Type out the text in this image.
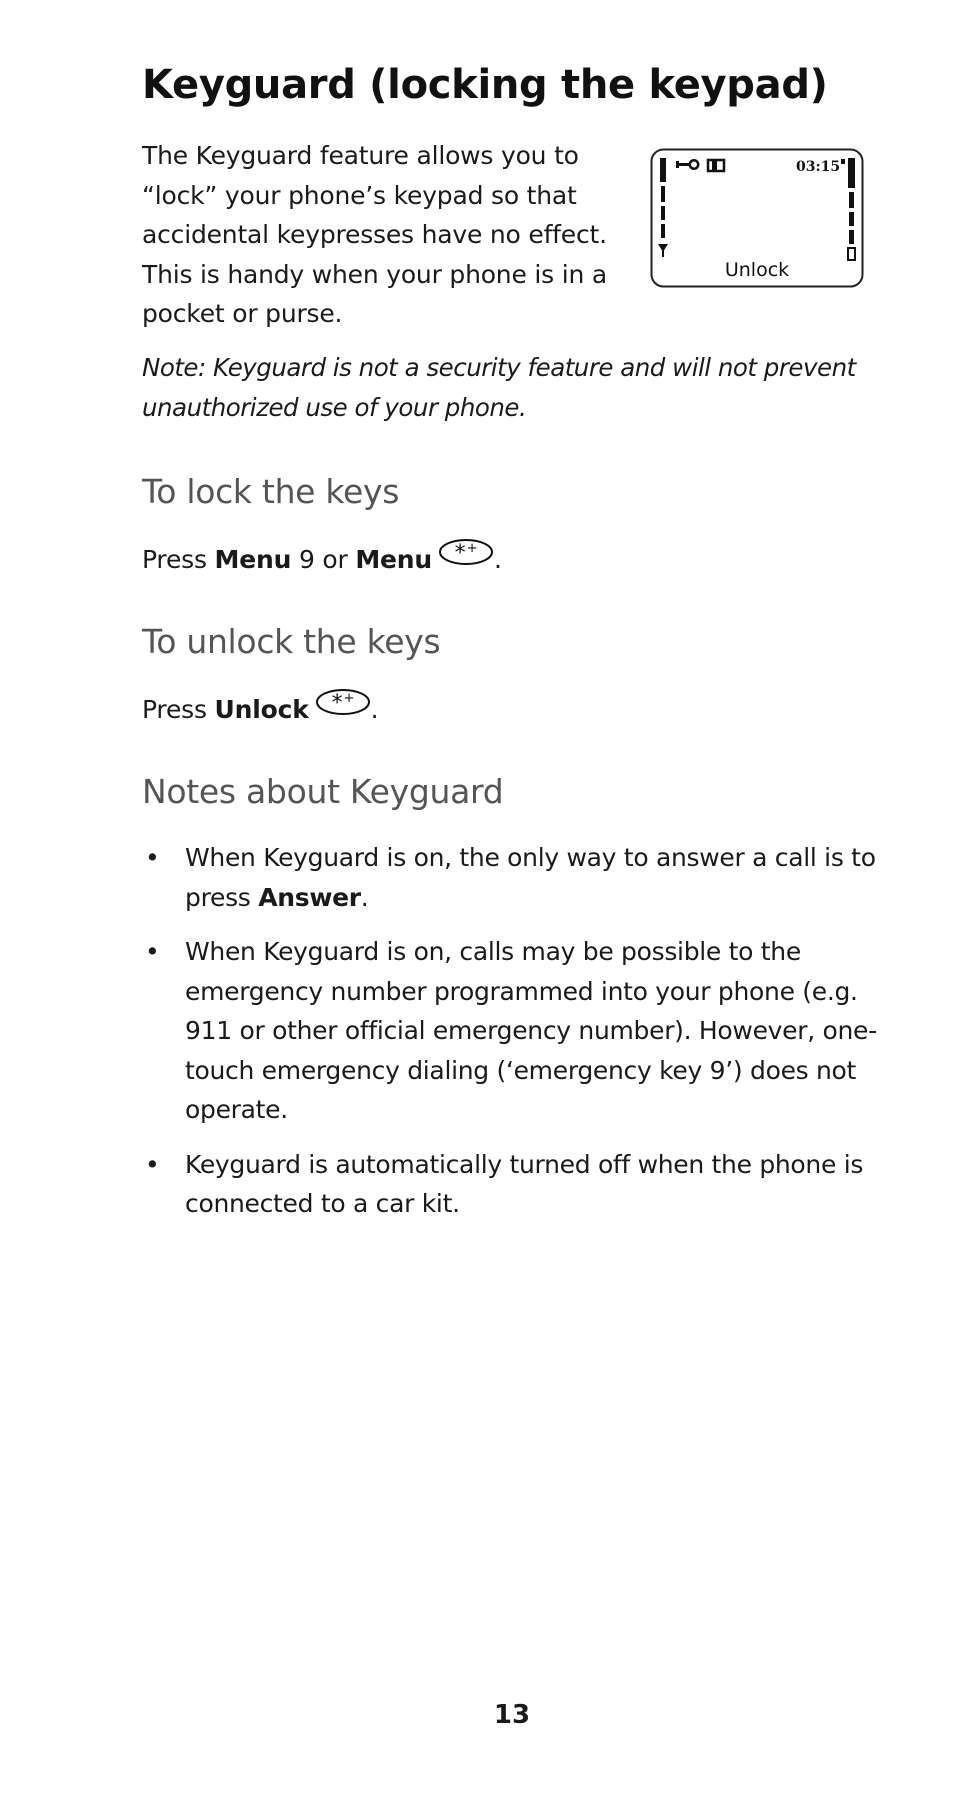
Keyguard (locking the keypad)

The Keyguard feature allows you to “lock” your phone’s keypad so that accidental keypresses have no effect. This is handy when your phone is in a pocket or purse.

03:15
Unlock

Note: Keyguard is not a security feature and will not prevent unauthorized use of your phone.

To lock the keys

Press Menu 9 or Menu * + .

To unlock the keys

Press Unlock * + .

Notes about Keyguard
• When Keyguard is on, the only way to answer a call is to press Answer.
• When Keyguard is on, calls may be possible to the emergency number programmed into your phone (e.g. 911 or other official emergency number). However, one-touch emergency dialing (‘emergency key 9’) does not operate.
• Keyguard is automatically turned off when the phone is connected to a car kit.

13
